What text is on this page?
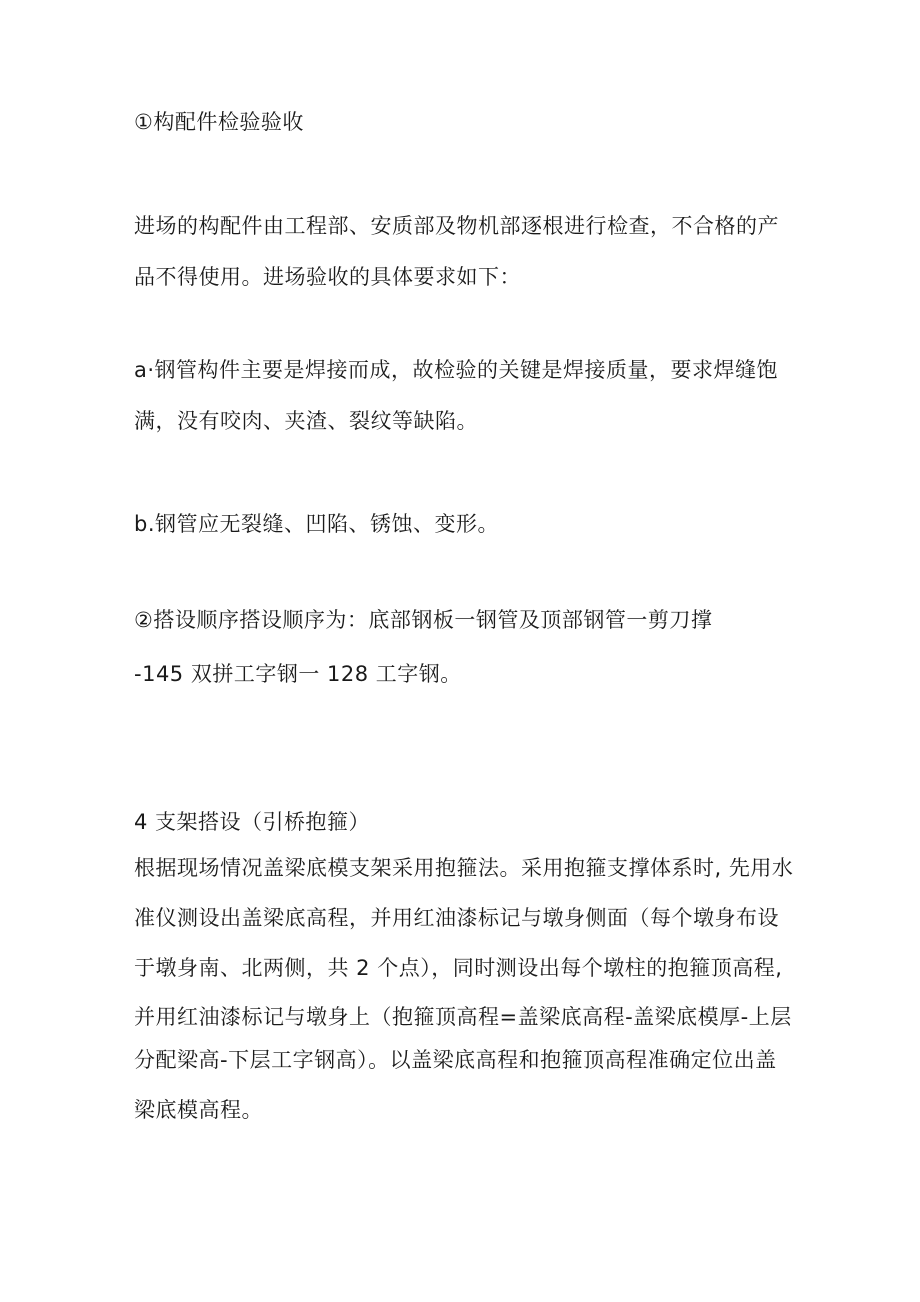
①构配件检验验收

进场的构配件由工程部、安质部及物机部逐根进行检查，不合格的产

品不得使用。进场验收的具体要求如下：

a·钢管构件主要是焊接而成，故检验的关键是焊接质量，要求焊缝饱

满，没有咬肉、夹渣、裂纹等缺陷。

b.钢管应无裂缝、凹陷、锈蚀、变形。

②搭设顺序搭设顺序为：底部钢板一钢管及顶部钢管一剪刀撑

-145 双拼工字钢一 128 工字钢。

4 支架搭设（引桥抱箍）

根据现场情况盖梁底模支架采用抱箍法。采用抱箍支撑体系时, 先用水

准仪测设出盖梁底高程，并用红油漆标记与墩身侧面（每个墩身布设

于墩身南、北两侧，共 2 个点），同时测设出每个墩柱的抱箍顶高程,

并用红油漆标记与墩身上（抱箍顶高程=盖梁底高程-盖梁底模厚-上层

分配梁高-下层工字钢高）。以盖梁底高程和抱箍顶高程准确定位出盖

梁底模高程。
